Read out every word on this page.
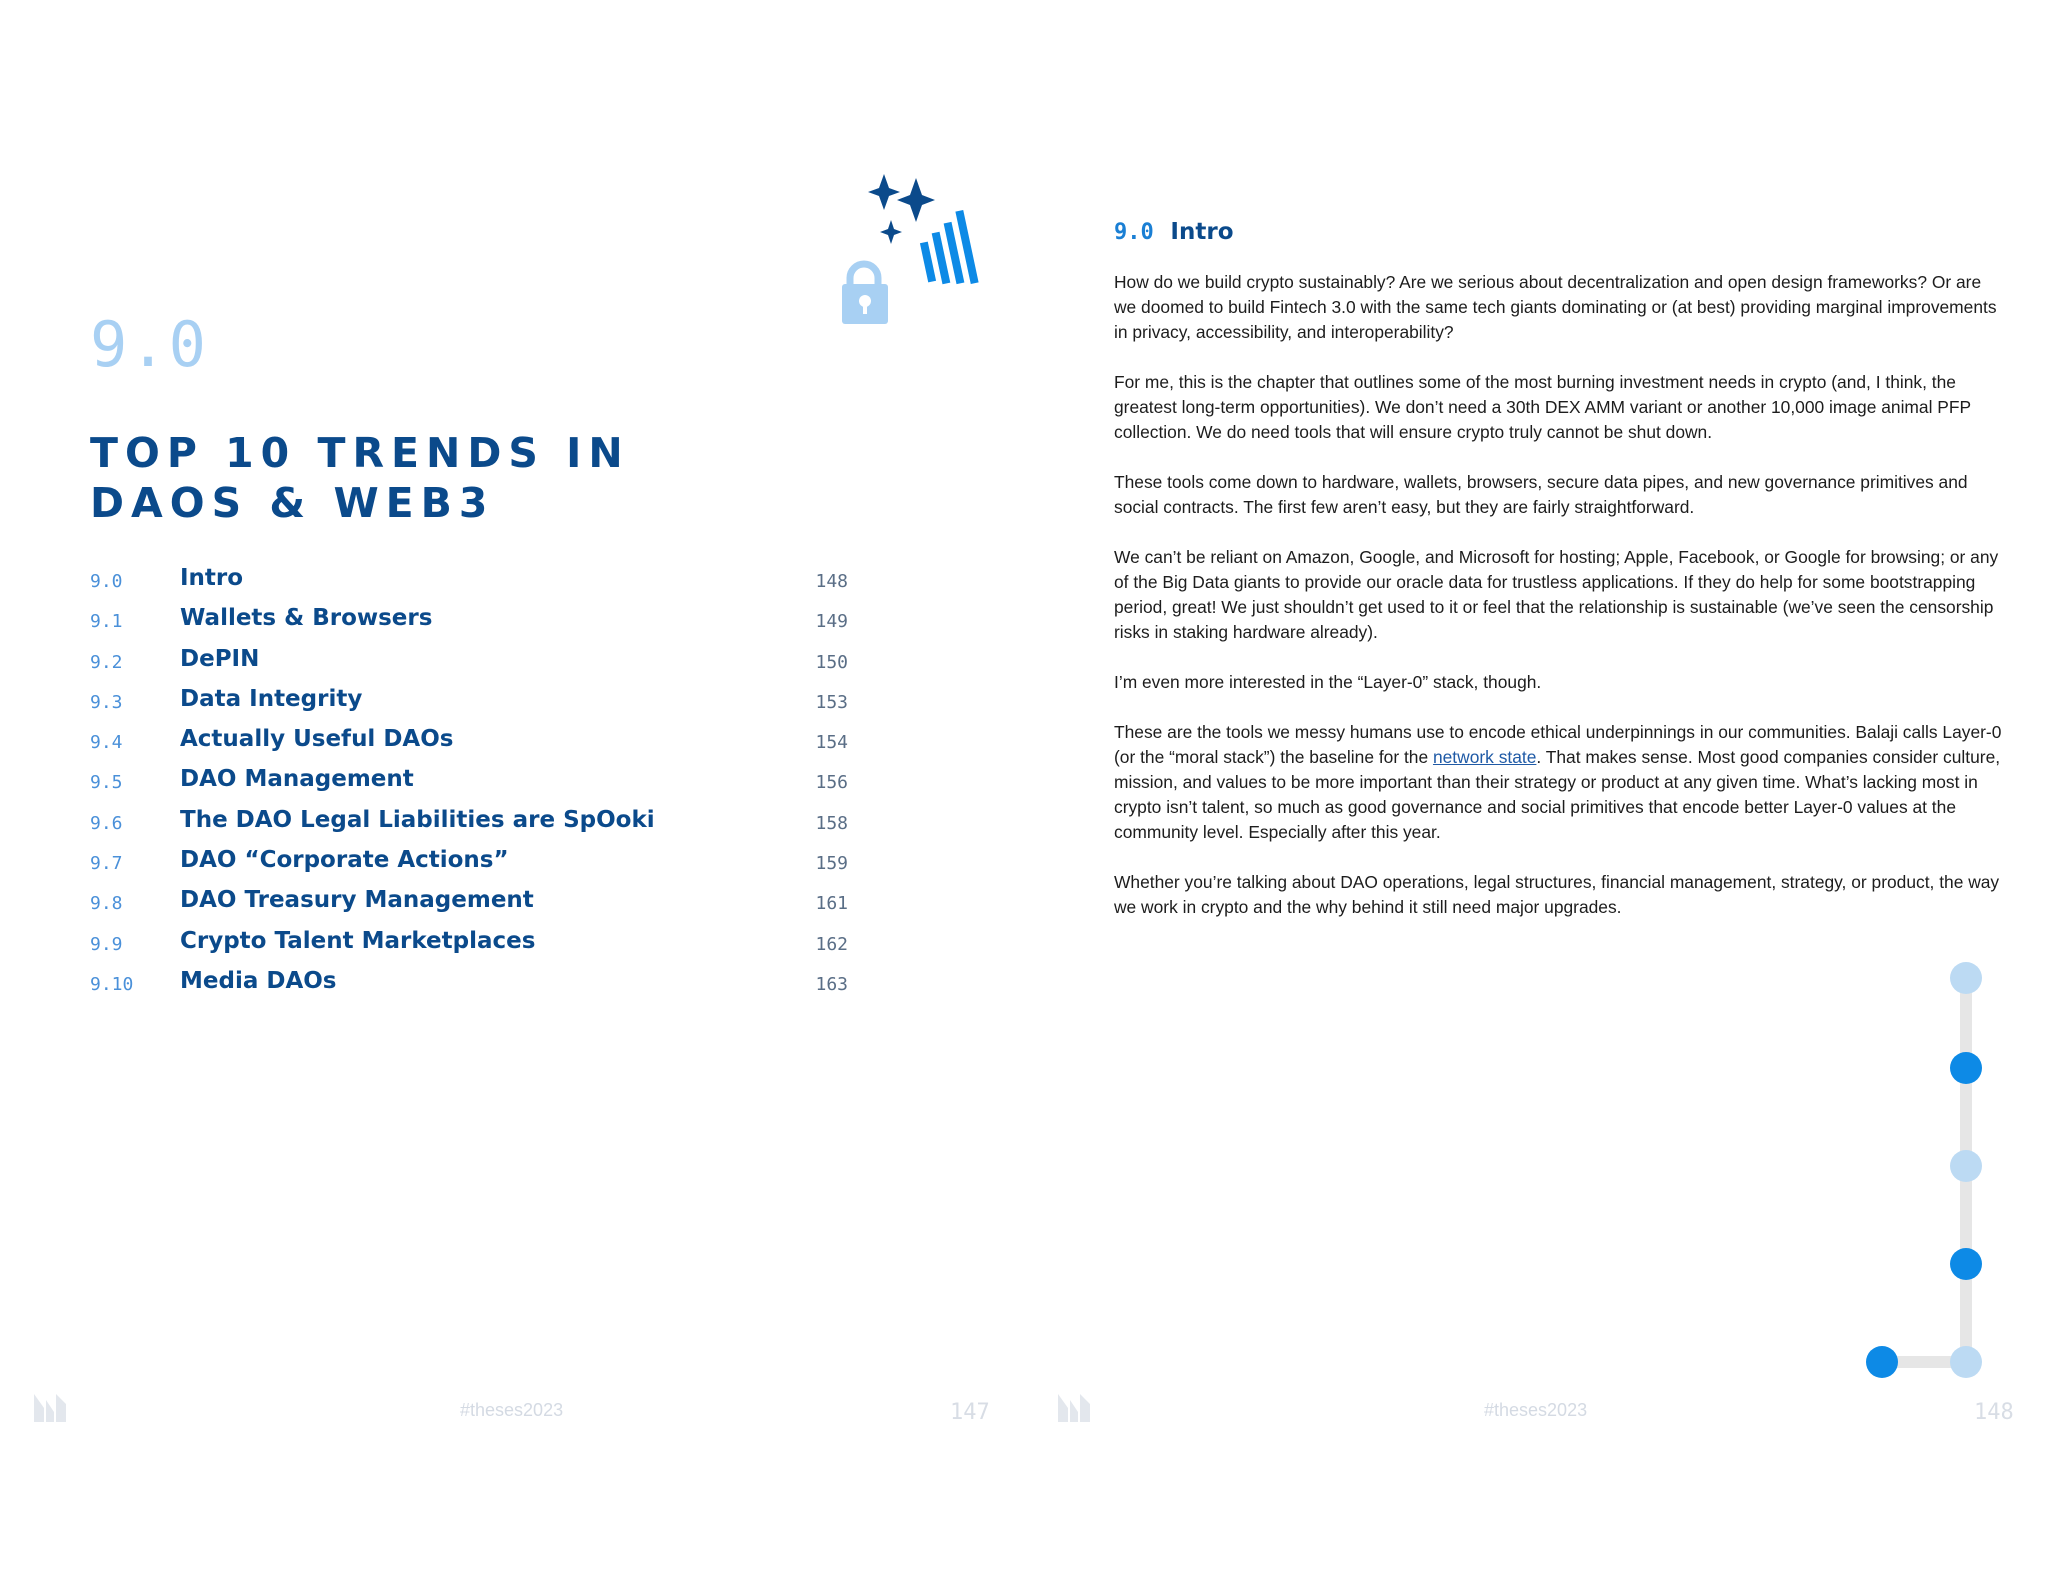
9.0
TOP 10 TRENDS IN
DAOS & WEB3
9.0 Intro	148
9.1 Wallets & Browsers	149
9.2 DePIN	150
9.3 Data Integrity	153
9.4 Actually Useful DAOs	154
9.5 DAO Management	156
9.6 The DAO Legal Liabilities are SpOoki	158
9.7 DAO “Corporate Actions”	159
9.8 DAO Treasury Management	161
9.9 Crypto Talent Marketplaces	162
9.10 Media DAOs	163
#theses2023	147
9.0 Intro

How do we build crypto sustainably? Are we serious about decentralization and open design frameworks? Or are we doomed to build Fintech 3.0 with the same tech giants dominating or (at best) providing marginal improvements in privacy, accessibility, and interoperability?

For me, this is the chapter that outlines some of the most burning investment needs in crypto (and, I think, the greatest long-term opportunities). We don’t need a 30th DEX AMM variant or another 10,000 image animal PFP collection. We do need tools that will ensure crypto truly cannot be shut down.

These tools come down to hardware, wallets, browsers, secure data pipes, and new governance primitives and social contracts. The first few aren’t easy, but they are fairly straightforward.

We can’t be reliant on Amazon, Google, and Microsoft for hosting; Apple, Facebook, or Google for browsing; or any of the Big Data giants to provide our oracle data for trustless applications. If they do help for some bootstrapping period, great! We just shouldn’t get used to it or feel that the relationship is sustainable (we’ve seen the censorship risks in staking hardware already).

I’m even more interested in the “Layer-0” stack, though.

These are the tools we messy humans use to encode ethical underpinnings in our communities. Balaji calls Layer-0 (or the “moral stack”) the baseline for the network state. That makes sense. Most good companies consider culture, mission, and values to be more important than their strategy or product at any given time. What’s lacking most in crypto isn’t talent, so much as good governance and social primitives that encode better Layer-0 values at the community level. Especially after this year.

Whether you’re talking about DAO operations, legal structures, financial management, strategy, or product, the way we work in crypto and the why behind it still need major upgrades.

#theses2023	148
